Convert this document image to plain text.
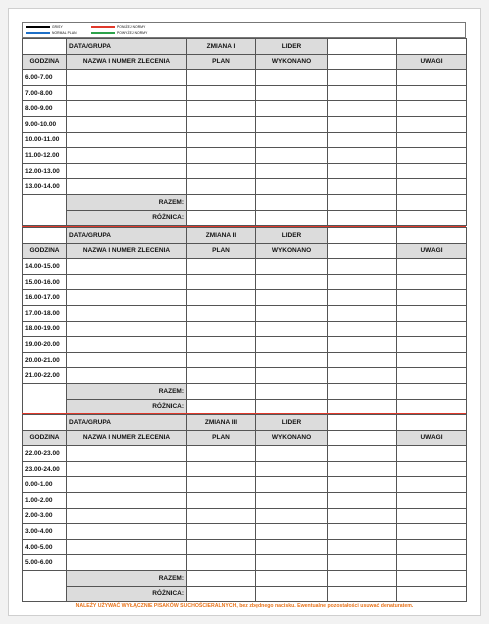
GRISY
NORMAL PLAN
PONIŻEJ NORMY
POWYŻEJ NORMY
	DATA/GRUPA	ZMIANA I	LIDER		
GODZINA	NAZWA I NUMER ZLECENIA	PLAN	WYKONANO		UWAGI
6.00-7.00					
7.00-8.00					
8.00-9.00					
9.00-10.00					
10.00-11.00					
11.00-12.00					
12.00-13.00					
13.00-14.00					
	RAZEM:				
	RÓŻNICA:				
	DATA/GRUPA	ZMIANA II	LIDER		
GODZINA	NAZWA I NUMER ZLECENIA	PLAN	WYKONANO		UWAGI
14.00-15.00					
15.00-16.00					
16.00-17.00					
17.00-18.00					
18.00-19.00					
19.00-20.00					
20.00-21.00					
21.00-22.00					
	RAZEM:				
	RÓŻNICA:				
	DATA/GRUPA	ZMIANA III	LIDER		
GODZINA	NAZWA I NUMER ZLECENIA	PLAN	WYKONANO		UWAGI
22.00-23.00					
23.00-24.00					
0.00-1.00					
1.00-2.00					
2.00-3.00					
3.00-4.00					
4.00-5.00					
5.00-6.00					
	RAZEM:				
	RÓŻNICA:				
NALEŻY UŻYWAĆ WYŁĄCZNIE PISAKÓW SUCHOŚCIERALNYCH, bez zbędnego nacisku. Ewentualne pozostałości usuwać denaturatem.
